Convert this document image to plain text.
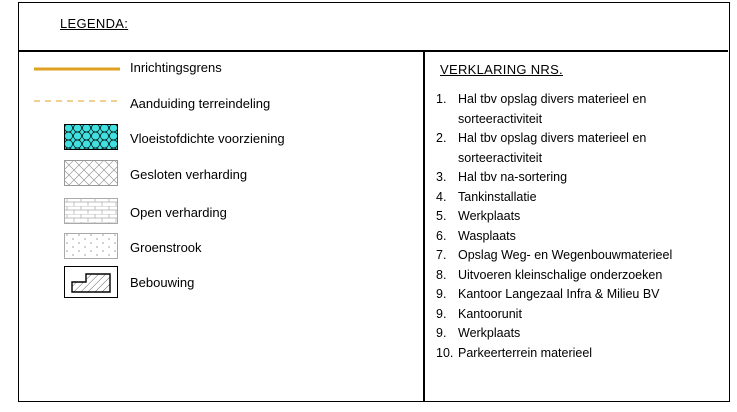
LEGENDA:
Inrichtingsgrens
Aanduiding terreindeling
Vloeistofdichte voorziening
Gesloten verharding
Open verharding
Groenstrook
Bebouwing
VERKLARING NRS.
1. Hal tbv opslag divers materieel en
sorteeractiviteit
2. Hal tbv opslag divers materieel en
sorteeractiviteit
3. Hal tbv na-sortering
4. Tankinstallatie
5. Werkplaats
6. Wasplaats
7. Opslag Weg- en Wegenbouwmaterieel
8. Uitvoeren kleinschalige onderzoeken
9. Kantoor Langezaal Infra & Milieu BV
9. Kantoorunit
9. Werkplaats
10. Parkeerterrein materieel
